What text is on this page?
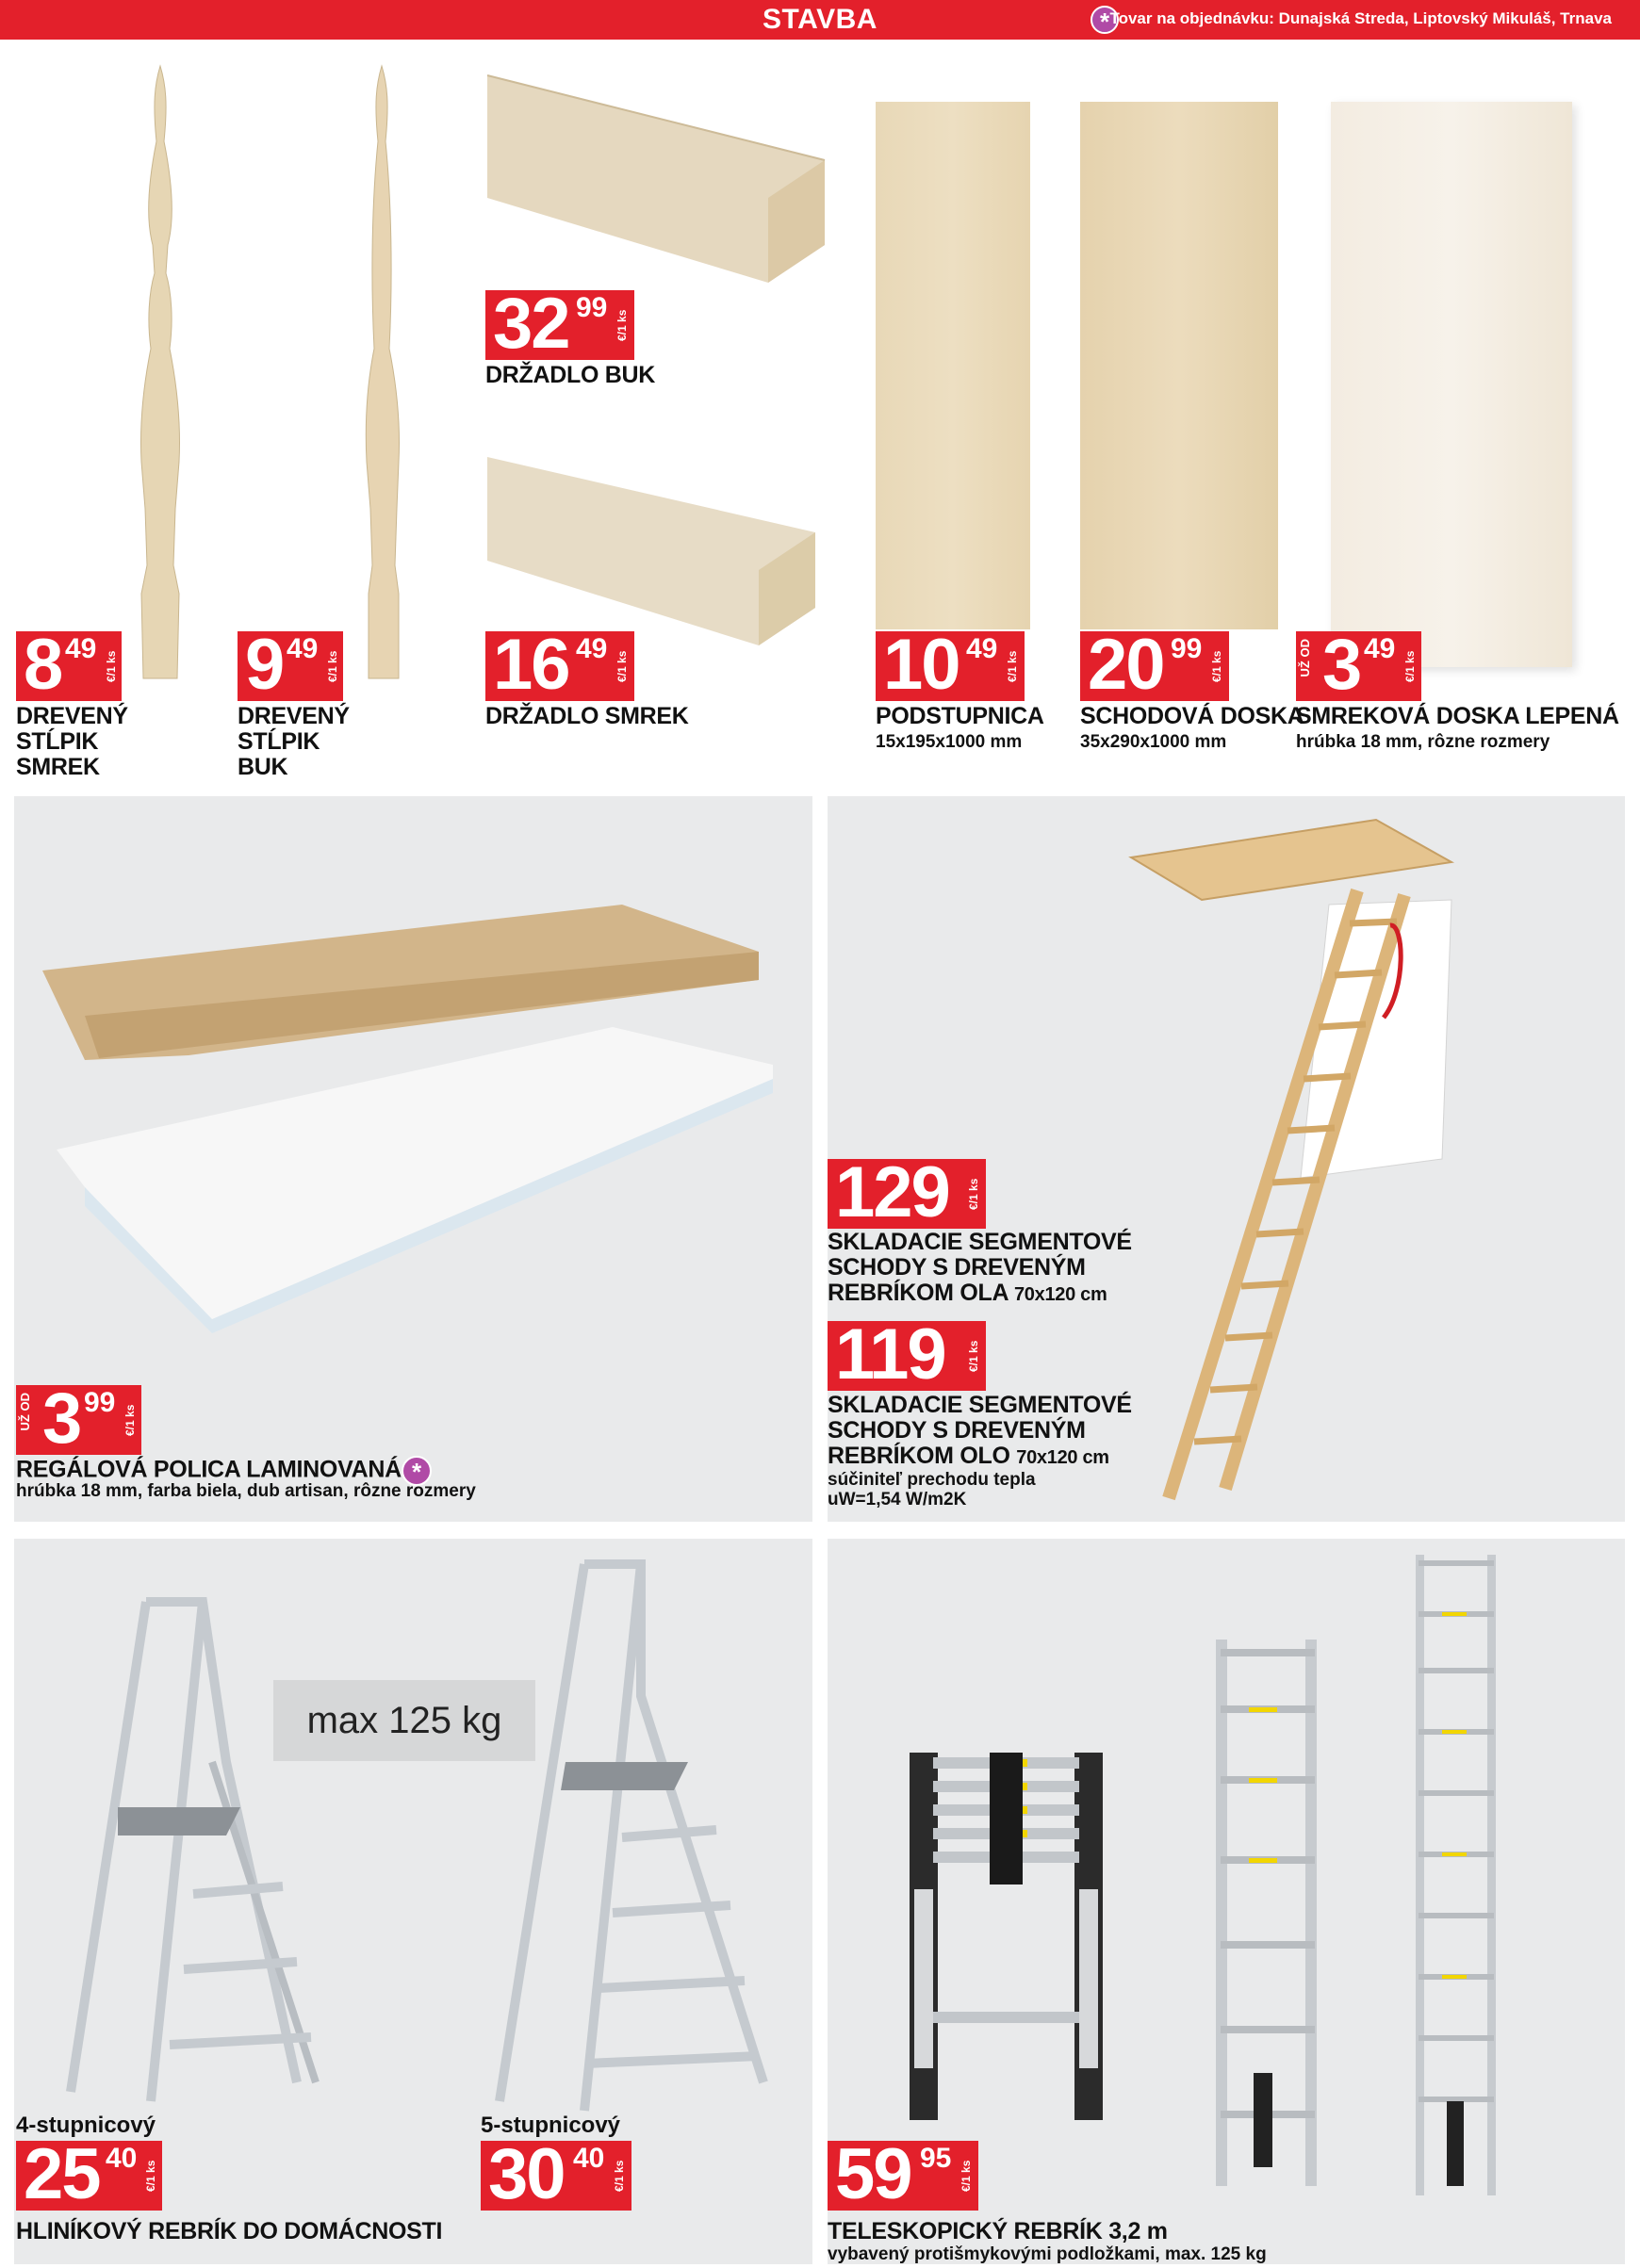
STAVBA	* Tovar na objednávku: Dunajská Streda, Liptovský Mikuláš, Trnava
8 49
€/1 ks
DREVENÝ STĹPIK
SMREK
9 49
€/1 ks
DREVENÝ STĹPIK
BUK
32 99
€/1 ks
DRŽADLO BUK
16 49
€/1 ks
DRŽADLO SMREK
10 49
€/1 ks
PODSTUPNICA
15x195x1000 mm
20 99
€/1 ks
SCHODOVÁ DOSKA
35x290x1000 mm
UŽ OD 3 49
€/1 ks
SMREKOVÁ DOSKA LEPENÁ
hrúbka 18 mm, rôzne rozmery
UŽ OD 3 99
€/1 ks
REGÁLOVÁ POLICA LAMINOVANÁ *
hrúbka 18 mm, farba biela, dub artisan, rôzne rozmery
129 €/1 ks
SKLADACIE SEGMENTOVÉ
SCHODY S DREVENÝM
REBRÍKOM OLA 70x120 cm
119 €/1 ks
SKLADACIE SEGMENTOVÉ
SCHODY S DREVENÝM
REBRÍKOM OLO 70x120 cm
súčiniteľ prechodu tepla
uW=1,54 W/m2K
max 125 kg
4-stupnicový
25 40
€/1 ks
5-stupnicový
30 40
€/1 ks
HLINÍKOVÝ REBRÍK DO DOMÁCNOSTI
59 95
€/1 ks
TELESKOPICKÝ REBRÍK 3,2 m
vybavený protišmykovými podložkami, max. 125 kg
